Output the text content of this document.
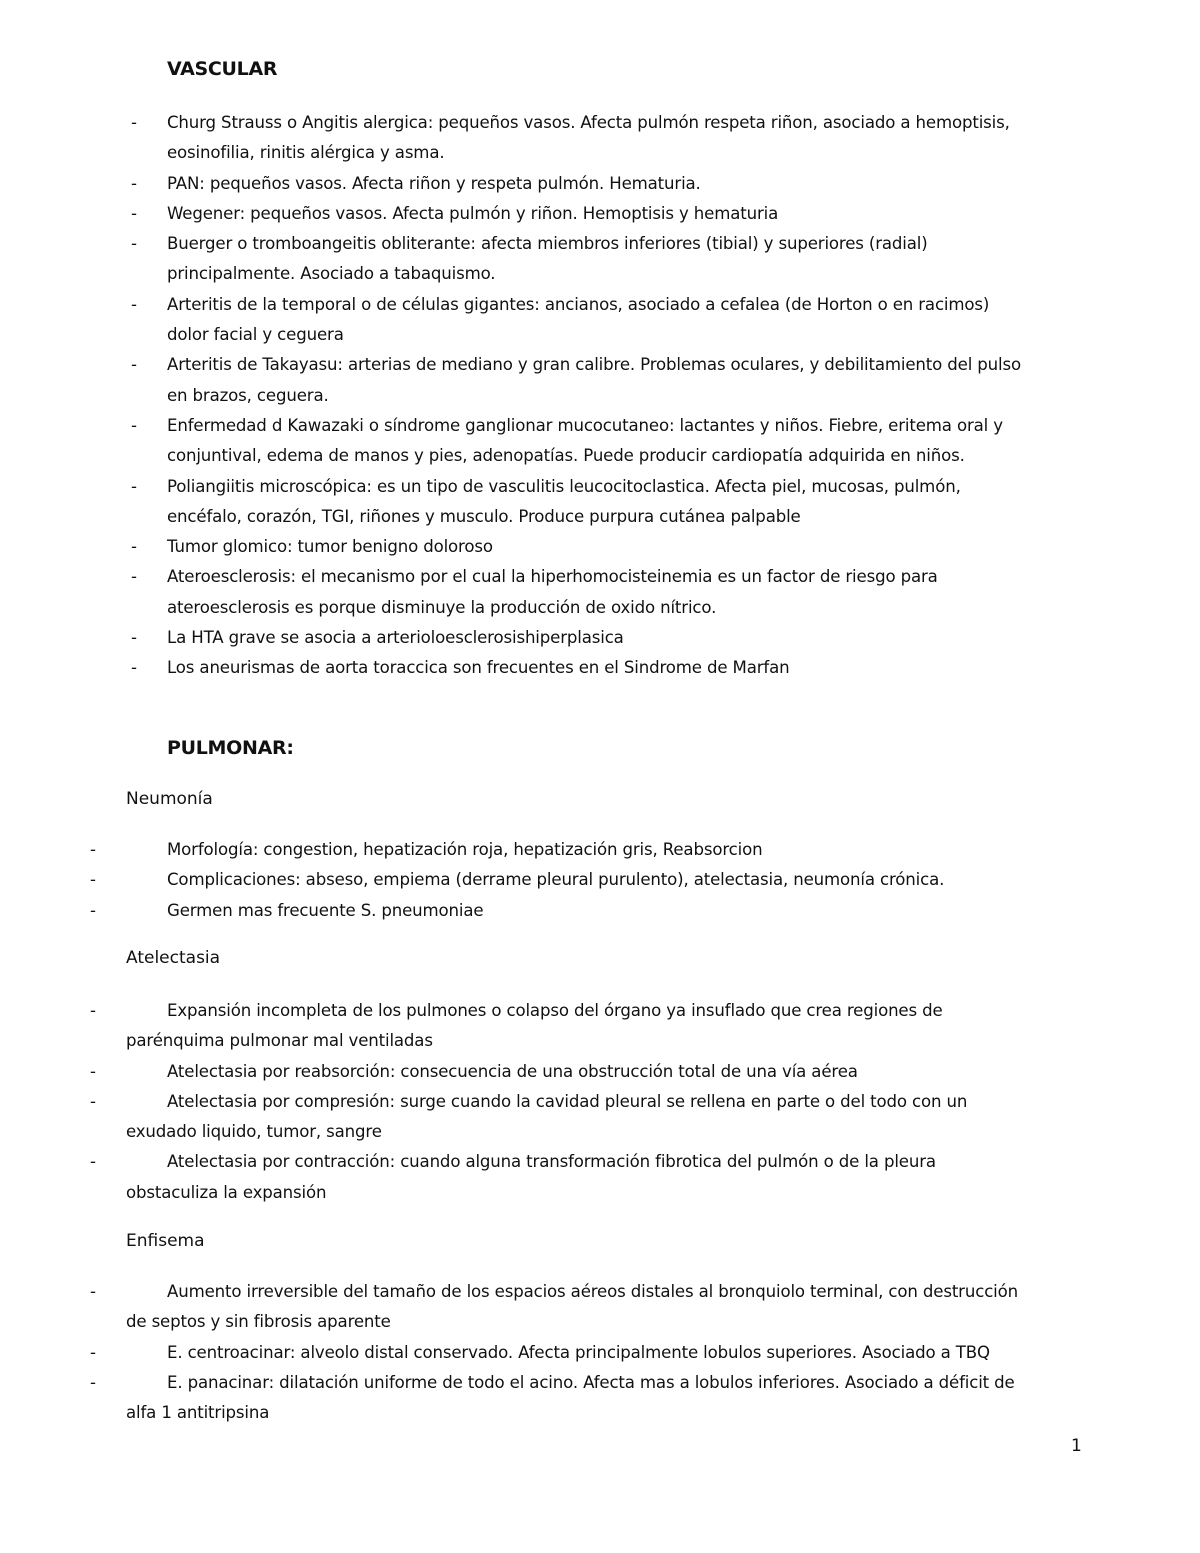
VASCULAR
- Churg Strauss o Angitis alergica: pequeños vasos. Afecta pulmón respeta riñon, asociado a hemoptisis,
eosinofilia, rinitis alérgica y asma.
- PAN: pequeños vasos. Afecta riñon y respeta pulmón. Hematuria.
- Wegener: pequeños vasos. Afecta pulmón y riñon. Hemoptisis y hematuria
- Buerger o tromboangeitis obliterante: afecta miembros inferiores (tibial) y superiores (radial)
principalmente. Asociado a tabaquismo.
- Arteritis de la temporal o de células gigantes: ancianos, asociado a cefalea (de Horton o en racimos)
dolor facial y ceguera
- Arteritis de Takayasu: arterias de mediano y gran calibre. Problemas oculares, y debilitamiento del pulso
en brazos, ceguera.
- Enfermedad d Kawazaki o síndrome ganglionar mucocutaneo: lactantes y niños. Fiebre, eritema oral y
conjuntival, edema de manos y pies, adenopatías. Puede producir cardiopatía adquirida en niños.
- Poliangiitis microscópica: es un tipo de vasculitis leucocitoclastica. Afecta piel, mucosas, pulmón,
encéfalo, corazón, TGI, riñones y musculo. Produce purpura cutánea palpable
- Tumor glomico: tumor benigno doloroso
- Ateroesclerosis: el mecanismo por el cual la hiperhomocisteinemia es un factor de riesgo para
ateroesclerosis es porque disminuye la producción de oxido nítrico.
- La HTA grave se asocia a arterioloesclerosishiperplasica
- Los aneurismas de aorta toraccica son frecuentes en el Sindrome de Marfan
PULMONAR:

Neumonía

-	Morfología: congestion, hepatización roja, hepatización gris, Reabsorcion
-	Complicaciones: abseso, empiema (derrame pleural purulento), atelectasia, neumonía crónica.
-	Germen mas frecuente S. pneumoniae

Atelectasia

-	Expansión incompleta de los pulmones o colapso del órgano ya insuflado que crea regiones de
parénquima pulmonar mal ventiladas
-	Atelectasia por reabsorción: consecuencia de una obstrucción total de una vía aérea
-	Atelectasia por compresión: surge cuando la cavidad pleural se rellena en parte o del todo con un
exudado liquido, tumor, sangre
-	Atelectasia por contracción: cuando alguna transformación fibrotica del pulmón o de la pleura
obstaculiza la expansión

Enfisema

-	Aumento irreversible del tamaño de los espacios aéreos distales al bronquiolo terminal, con destrucción
de septos y sin fibrosis aparente
-	E. centroacinar: alveolo distal conservado. Afecta principalmente lobulos superiores. Asociado a TBQ
-	E. panacinar: dilatación uniforme de todo el acino. Afecta mas a lobulos inferiores. Asociado a déficit de
alfa 1 antitripsina
1
